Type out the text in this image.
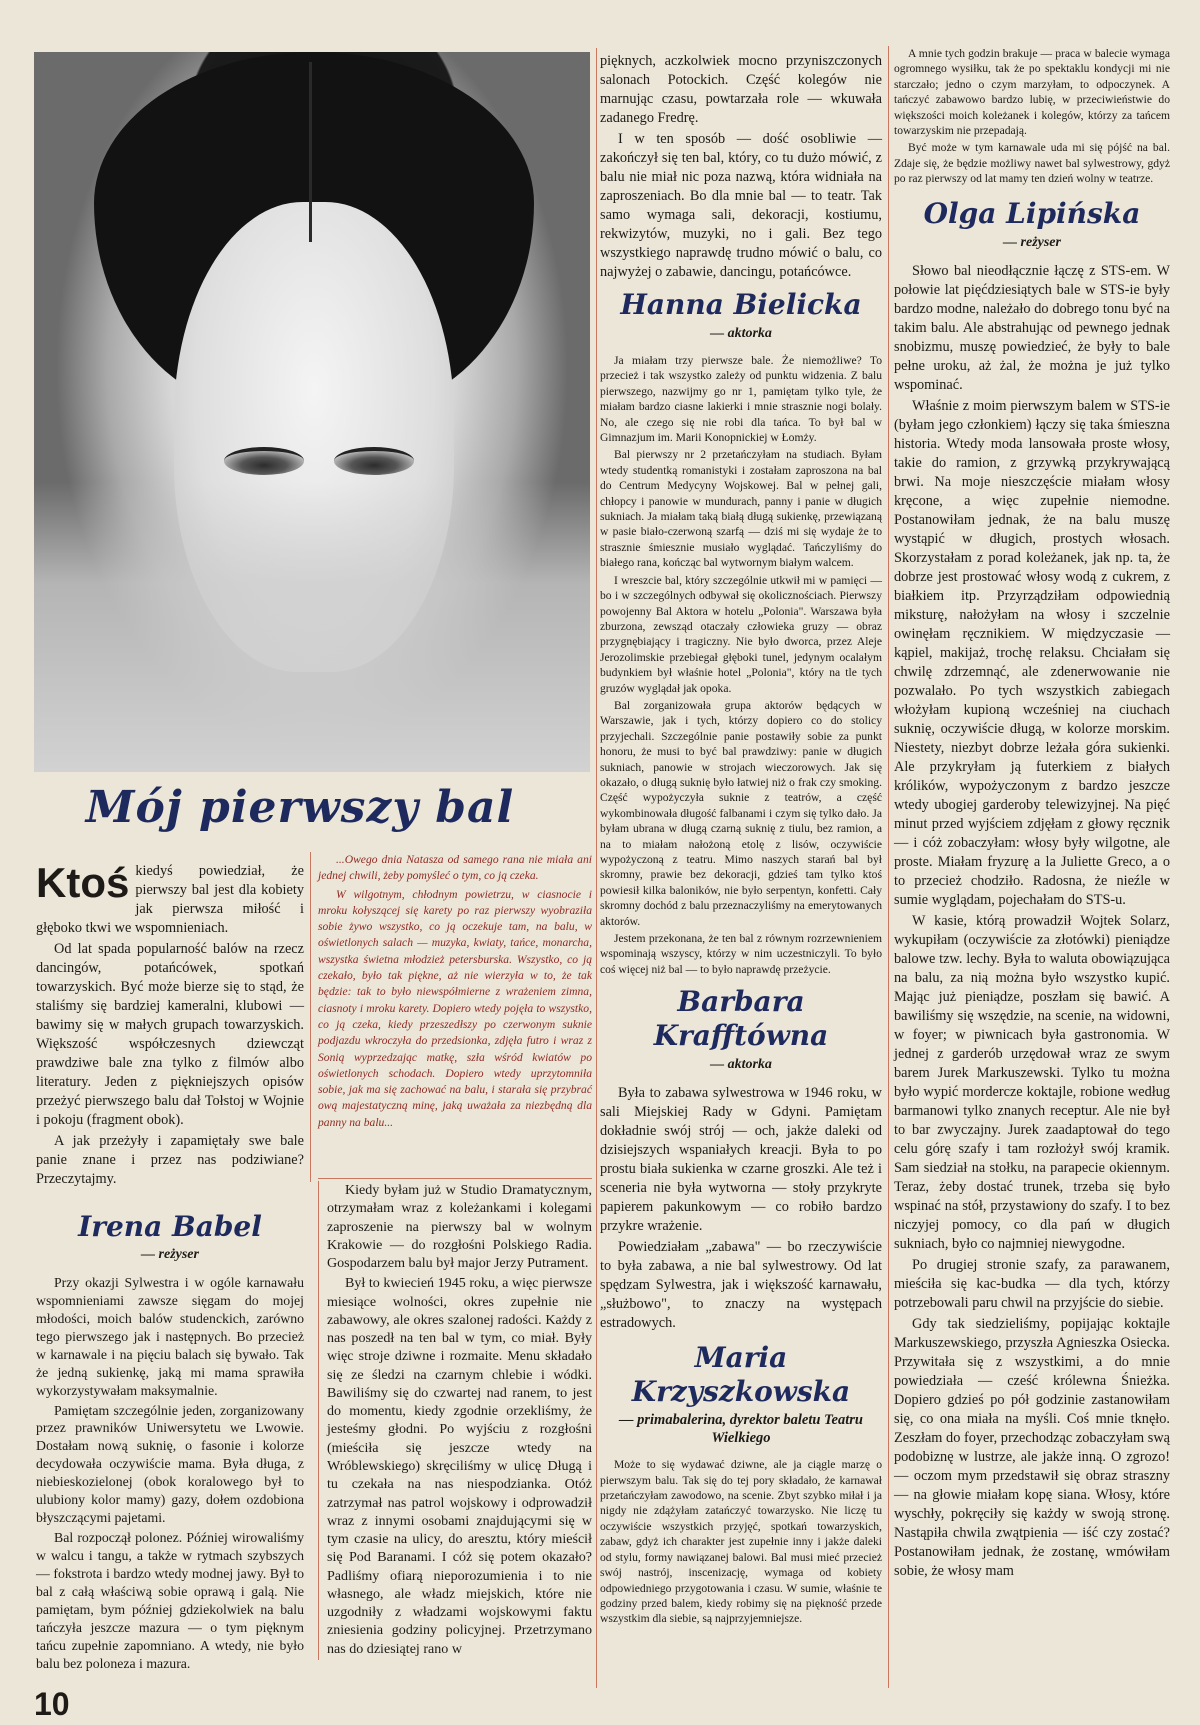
Mój pierwszy bal

Ktoś kiedyś powiedział, że pierwszy bal jest dla kobiety jak pierwsza miłość i głęboko tkwi we wspomnieniach.

Od lat spada popularność balów na rzecz dancingów, potańcówek, spotkań towarzyskich. Być może bierze się to stąd, że staliśmy się bardziej kameralni, klubowi — bawimy się w małych grupach towarzyskich. Większość współczesnych dziewcząt prawdziwe bale zna tylko z filmów albo literatury. Jeden z piękniejszych opisów przeżyć pierwszego balu dał Tołstoj w Wojnie i pokoju (fragment obok).

A jak przeżyły i zapamiętały swe bale panie znane i przez nas podziwiane? Przeczytajmy.

...Owego dnia Natasza od samego rana nie miała ani jednej chwili, żeby pomyśleć o tym, co ją czeka.

W wilgotnym, chłodnym powietrzu, w ciasnocie i mroku kołyszącej się karety po raz pierwszy wyobraziła sobie żywo wszystko, co ją oczekuje tam, na balu, w oświetlonych salach — muzyka, kwiaty, tańce, monarcha, wszystka świetna młodzież petersburska. Wszystko, co ją czekało, było tak piękne, aż nie wierzyła w to, że tak będzie: tak to było niewspółmierne z wrażeniem zimna, ciasnoty i mroku karety. Dopiero wtedy pojęła to wszystko, co ją czeka, kiedy przeszedłszy po czerwonym suknie podjazdu wkroczyła do przedsionka, zdjęła futro i wraz z Sonią wyprzedzając matkę, szła wśród kwiatów po oświetlonych schodach. Dopiero wtedy uprzytomniła sobie, jak ma się zachować na balu, i starała się przybrać ową majestatyczną minę, jaką uważała za niezbędną dla panny na balu...

Irena Babel
— reżyser

Przy okazji Sylwestra i w ogóle karnawału wspomnieniami zawsze sięgam do mojej młodości, moich balów studenckich, zarówno tego pierwszego jak i następnych. Bo przecież w karnawale i na pięciu balach się bywało. Tak że jedną sukienkę, jaką mi mama sprawiła wykorzystywałam maksymalnie.

Pamiętam szczególnie jeden, zorganizowany przez prawników Uniwersytetu we Lwowie. Dostałam nową suknię, o fasonie i kolorze decydowała oczywiście mama. Była długa, z niebieskozielonej (obok koralowego był to ulubiony kolor mamy) gazy, dołem ozdobiona błyszczącymi pajetami.

Bal rozpoczął polonez. Później wirowaliśmy w walcu i tangu, a także w rytmach szybszych — fokstrota i bardzo wtedy modnej jawy. Był to bal z całą właściwą sobie oprawą i galą. Nie pamiętam, bym później gdziekolwiek na balu tańczyła jeszcze mazura — o tym pięknym tańcu zupełnie zapomniano. A wtedy, nie było balu bez poloneza i mazura.

Kiedy byłam już w Studio Dramatycznym, otrzymałam wraz z koleżankami i kolegami zaproszenie na pierwszy bal w wolnym Krakowie — do rozgłośni Polskiego Radia. Gospodarzem balu był major Jerzy Putrament.

Był to kwiecień 1945 roku, a więc pierwsze miesiące wolności, okres zupełnie nie zabawowy, ale okres szalonej radości. Każdy z nas poszedł na ten bal w tym, co miał. Były więc stroje dziwne i rozmaite. Menu składało się ze śledzi na czarnym chlebie i wódki. Bawiliśmy się do czwartej nad ranem, to jest do momentu, kiedy zgodnie orzekliśmy, że jesteśmy głodni. Po wyjściu z rozgłośni (mieściła się jeszcze wtedy na Wróblewskiego) skręciliśmy w ulicę Długą i tu czekała na nas niespodzianka. Otóż zatrzymał nas patrol wojskowy i odprowadził wraz z innymi osobami znajdującymi się w tym czasie na ulicy, do aresztu, który mieścił się Pod Baranami. I cóż się potem okazało? Padliśmy ofiarą nieporozumienia i to nie własnego, ale władz miejskich, które nie uzgodniły z władzami wojskowymi faktu zniesienia godziny policyjnej. Przetrzymano nas do dziesiątej rano w

pięknych, aczkolwiek mocno przyniszczonych salonach Potockich. Część kolegów nie marnując czasu, powtarzała role — wkuwała zadanego Fredrę.

I w ten sposób — dość osobliwie — zakończył się ten bal, który, co tu dużo mówić, z balu nie miał nic poza nazwą, która widniała na zaproszeniach. Bo dla mnie bal — to teatr. Tak samo wymaga sali, dekoracji, kostiumu, rekwizytów, muzyki, no i gali. Bez tego wszystkiego naprawdę trudno mówić o balu, co najwyżej o zabawie, dancingu, potańcówce.

Hanna Bielicka
— aktorka

Ja miałam trzy pierwsze bale. Że niemożliwe? To przecież i tak wszystko zależy od punktu widzenia. Z balu pierwszego, nazwijmy go nr 1, pamiętam tylko tyle, że miałam bardzo ciasne lakierki i mnie strasznie nogi bolały. No, ale czego się nie robi dla tańca. To był bal w Gimnazjum im. Marii Konopnickiej w Łomży.

Bal pierwszy nr 2 przetańczyłam na studiach. Byłam wtedy studentką romanistyki i zostałam zaproszona na bal do Centrum Medycyny Wojskowej. Bal w pełnej gali, chłopcy i panowie w mundurach, panny i panie w długich sukniach. Ja miałam taką białą długą sukienkę, przewiązaną w pasie biało-czerwoną szarfą — dziś mi się wydaje że to strasznie śmiesznie musiało wyglądać. Tańczyliśmy do białego rana, kończąc bal wytwornym białym walcem.

I wreszcie bal, który szczególnie utkwił mi w pamięci — bo i w szczególnych odbywał się okolicznościach. Pierwszy powojenny Bal Aktora w hotelu „Polonia". Warszawa była zburzona, zewsząd otaczały człowieka gruzy — obraz przygnębiający i tragiczny. Nie było dworca, przez Aleje Jerozolimskie przebiegał głęboki tunel, jedynym ocalałym budynkiem był właśnie hotel „Polonia", który na tle tych gruzów wyglądał jak opoka.

Bal zorganizowała grupa aktorów będących w Warszawie, jak i tych, którzy dopiero co do stolicy przyjechali. Szczególnie panie postawiły sobie za punkt honoru, że musi to być bal prawdziwy: panie w długich sukniach, panowie w strojach wieczorowych. Jak się okazało, o długą suknię było łatwiej niż o frak czy smoking. Część wypożyczyła suknie z teatrów, a część wykombinowała długość falbanami i czym się tylko dało. Ja byłam ubrana w długą czarną suknię z tiulu, bez ramion, a na to miałam nałożoną etolę z lisów, oczywiście wypożyczoną z teatru. Mimo naszych starań bal był skromny, prawie bez dekoracji, gdzieś tam tylko ktoś powiesił kilka baloników, nie było serpentyn, konfetti. Cały skromny dochód z balu przeznaczyliśmy na emerytowanych aktorów.

Jestem przekonana, że ten bal z równym rozrzewnieniem wspominają wszyscy, którzy w nim uczestniczyli. To było coś więcej niż bal — to było naprawdę przeżycie.

Barbara Krafftówna
— aktorka

Była to zabawa sylwestrowa w 1946 roku, w sali Miejskiej Rady w Gdyni. Pamiętam dokładnie swój strój — och, jakże daleki od dzisiejszych wspaniałych kreacji. Była to po prostu biała sukienka w czarne groszki. Ale też i sceneria nie była wytworna — stoły przykryte papierem pakunkowym — co robiło bardzo przykre wrażenie.

Powiedziałam „zabawa" — bo rzeczywiście to była zabawa, a nie bal sylwestrowy. Od lat spędzam Sylwestra, jak i większość karnawału, „służbowo", to znaczy na występach estradowych.

Maria Krzyszkowska
— primabalerina, dyrektor baletu Teatru Wielkiego

Może to się wydawać dziwne, ale ja ciągle marzę o pierwszym balu. Tak się do tej pory składało, że karnawał przetańczyłam zawodowo, na scenie. Zbyt szybko miłał i ja nigdy nie zdążyłam zatańczyć towarzysko. Nie liczę tu oczywiście wszystkich przyjęć, spotkań towarzyskich, zabaw, gdyż ich charakter jest zupełnie inny i jakże daleki od stylu, formy nawiązanej balowi. Bal musi mieć przecież swój nastrój, inscenizację, wymaga od kobiety odpowiedniego przygotowania i czasu. W sumie, właśnie te godziny przed balem, kiedy robimy się na piękność przede wszystkim dla siebie, są najprzyjemniejsze.

A mnie tych godzin brakuje — praca w balecie wymaga ogromnego wysiłku, tak że po spektaklu kondycji mi nie starczało; jedno o czym marzyłam, to odpoczynek. A tańczyć zabawowo bardzo lubię, w przeciwieństwie do większości moich koleżanek i kolegów, którzy za tańcem towarzyskim nie przepadają.

Być może w tym karnawale uda mi się pójść na bal. Zdaje się, że będzie możliwy nawet bal sylwestrowy, gdyż po raz pierwszy od lat mamy ten dzień wolny w teatrze.

Olga Lipińska
— reżyser

Słowo bal nieodłącznie łączę z STS-em. W połowie lat pięćdziesiątych bale w STS-ie były bardzo modne, należało do dobrego tonu być na takim balu. Ale abstrahując od pewnego jednak snobizmu, muszę powiedzieć, że były to bale pełne uroku, aż żal, że można je już tylko wspominać.

Właśnie z moim pierwszym balem w STS-ie (byłam jego członkiem) łączy się taka śmieszna historia. Wtedy moda lansowała proste włosy, takie do ramion, z grzywką przykrywającą brwi. Na moje nieszczęście miałam włosy kręcone, a więc zupełnie niemodne. Postanowiłam jednak, że na balu muszę wystąpić w długich, prostych włosach. Skorzystałam z porad koleżanek, jak np. ta, że dobrze jest prostować włosy wodą z cukrem, z białkiem itp. Przyrządziłam odpowiednią miksturę, nałożyłam na włosy i szczelnie owinęłam ręcznikiem. W międzyczasie — kąpiel, makijaż, trochę relaksu. Chciałam się chwilę zdrzemnąć, ale zdenerwowanie nie pozwalało. Po tych wszystkich zabiegach włożyłam kupioną wcześniej na ciuchach suknię, oczywiście długą, w kolorze morskim. Niestety, niezbyt dobrze leżała góra sukienki. Ale przykryłam ją futerkiem z białych królików, wypożyczonym z bardzo jeszcze wtedy ubogiej garderoby telewizyjnej. Na pięć minut przed wyjściem zdjęłam z głowy ręcznik — i cóż zobaczyłam: włosy były wilgotne, ale proste. Miałam fryzurę a la Juliette Greco, a o to przecież chodziło. Radosna, że nieźle w sumie wyglądam, pojechałam do STS-u.

W kasie, którą prowadził Wojtek Solarz, wykupiłam (oczywiście za złotówki) pieniądze balowe tzw. lechy. Była to waluta obowiązująca na balu, za nią można było wszystko kupić. Mając już pieniądze, poszłam się bawić. A bawiliśmy się wszędzie, na scenie, na widowni, w foyer; w piwnicach była gastronomia. W jednej z garderób urzędował wraz ze swym barem Jurek Markuszewski. Tylko tu można było wypić mordercze koktajle, robione według barmanowi tylko znanych receptur. Ale nie był to bar zwyczajny. Jurek zaadaptował do tego celu górę szafy i tam rozłożył swój kramik. Sam siedział na stołku, na parapecie okiennym. Teraz, żeby dostać trunek, trzeba się było wspinać na stół, przystawiony do szafy. I to bez niczyjej pomocy, co dla pań w długich sukniach, było co najmniej niewygodne.

Po drugiej stronie szafy, za parawanem, mieściła się kac-budka — dla tych, którzy potrzebowali paru chwil na przyjście do siebie.

Gdy tak siedzieliśmy, popijając koktajle Markuszewskiego, przyszła Agnieszka Osiecka. Przywitała się z wszystkimi, a do mnie powiedziała — cześć królewna Śnieżka. Dopiero gdzieś po pół godzinie zastanowiłam się, co ona miała na myśli. Coś mnie tknęło. Zeszłam do foyer, przechodząc zobaczyłam swą podobiznę w lustrze, ale jakże inną. O zgrozo! — oczom mym przedstawił się obraz straszny — na głowie miałam kopę siana. Włosy, które wyschły, pokręciły się każdy w swoją stronę. Nastąpiła chwila zwątpienia — iść czy zostać? Postanowiłam jednak, że zostanę, wmówiłam sobie, że włosy mam

10
